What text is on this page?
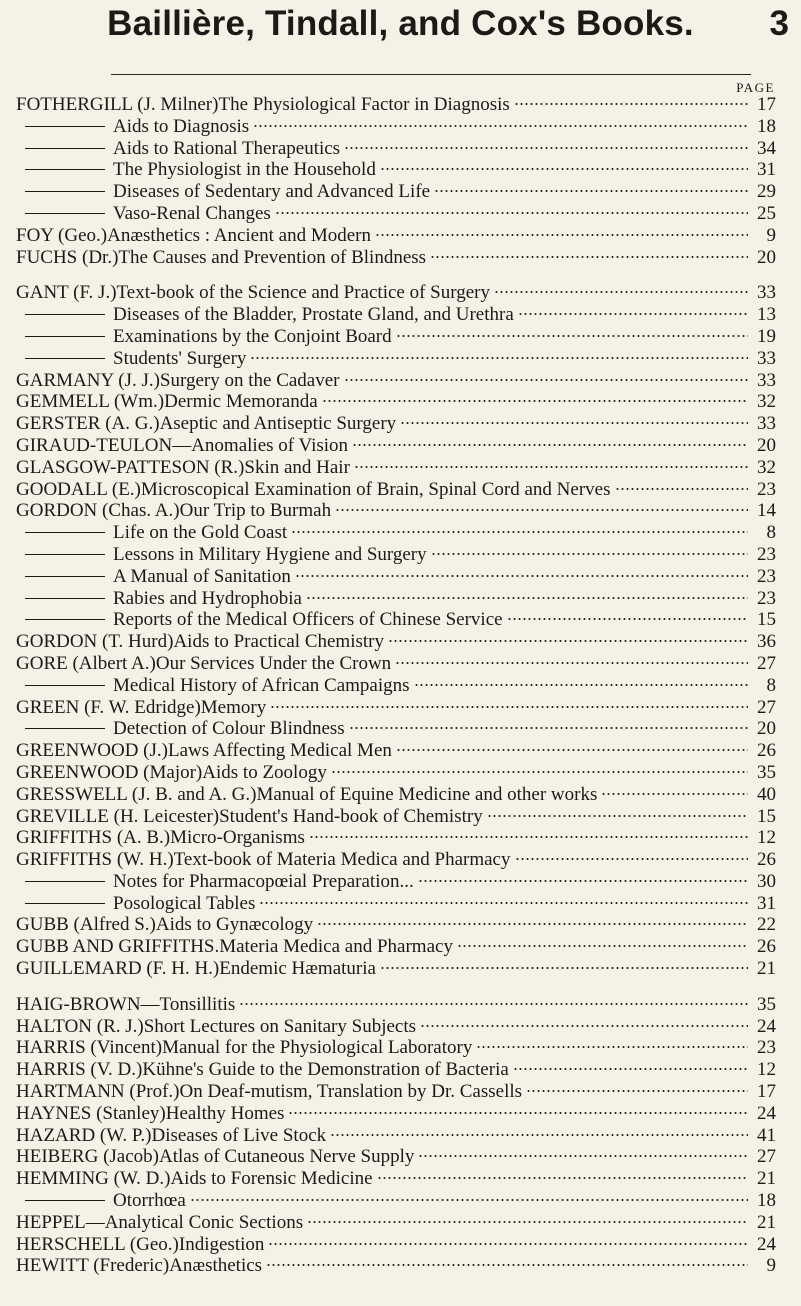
Baillière, Tindall, and Cox's Books.	3
PAGE
FOTHERGILL (J. Milner) The Physiological Factor in Diagnosis	17
Aids to Diagnosis	18
Aids to Rational Therapeutics	34
The Physiologist in the Household	31
Diseases of Sedentary and Advanced Life	29
Vaso-Renal Changes	25
FOY (Geo.) Anæsthetics : Ancient and Modern	9
FUCHS (Dr.) The Causes and Prevention of Blindness	20
GANT (F. J.) Text-book of the Science and Practice of Surgery	33
Diseases of the Bladder, Prostate Gland, and Urethra	13
Examinations by the Conjoint Board	19
Students' Surgery	33
GARMANY (J. J.) Surgery on the Cadaver	33
GEMMELL (Wm.) Dermic Memoranda	32
GERSTER (A. G.) Aseptic and Antiseptic Surgery	33
GIRAUD-TEULON —Anomalies of Vision	20
GLASGOW-PATTESON (R.) Skin and Hair	32
GOODALL (E.) Microscopical Examination of Brain, Spinal Cord and Nerves	23
GORDON (Chas. A.) Our Trip to Burmah	14
Life on the Gold Coast	8
Lessons in Military Hygiene and Surgery	23
A Manual of Sanitation	23
Rabies and Hydrophobia	23
Reports of the Medical Officers of Chinese Service	15
GORDON (T. Hurd) Aids to Practical Chemistry	36
GORE (Albert A.) Our Services Under the Crown	27
Medical History of African Campaigns	8
GREEN (F. W. Edridge) Memory	27
Detection of Colour Blindness	20
GREENWOOD (J.) Laws Affecting Medical Men	26
GREENWOOD (Major) Aids to Zoology	35
GRESSWELL (J. B. and A. G.) Manual of Equine Medicine and other works	40
GREVILLE (H. Leicester) Student's Hand-book of Chemistry	15
GRIFFITHS (A. B.) Micro-Organisms	12
GRIFFITHS (W. H.) Text-book of Materia Medica and Pharmacy	26
Notes for Pharmacopœial Preparation...	30
Posological Tables	31
GUBB (Alfred S.) Aids to Gynæcology	22
GUBB AND GRIFFITHS. Materia Medica and Pharmacy	26
GUILLEMARD (F. H. H.) Endemic Hæmaturia	21
HAIG-BROWN —Tonsillitis	35
HALTON (R. J.) Short Lectures on Sanitary Subjects	24
HARRIS (Vincent) Manual for the Physiological Laboratory	23
HARRIS (V. D.) Kühne's Guide to the Demonstration of Bacteria	12
HARTMANN (Prof.) On Deaf-mutism, Translation by Dr. Cassells	17
HAYNES (Stanley) Healthy Homes	24
HAZARD (W. P.) Diseases of Live Stock	41
HEIBERG (Jacob) Atlas of Cutaneous Nerve Supply	27
HEMMING (W. D.) Aids to Forensic Medicine	21
Otorrhœa	18
HEPPEL —Analytical Conic Sections	21
HERSCHELL (Geo.) Indigestion	24
HEWITT (Frederic) Anæsthetics	9
